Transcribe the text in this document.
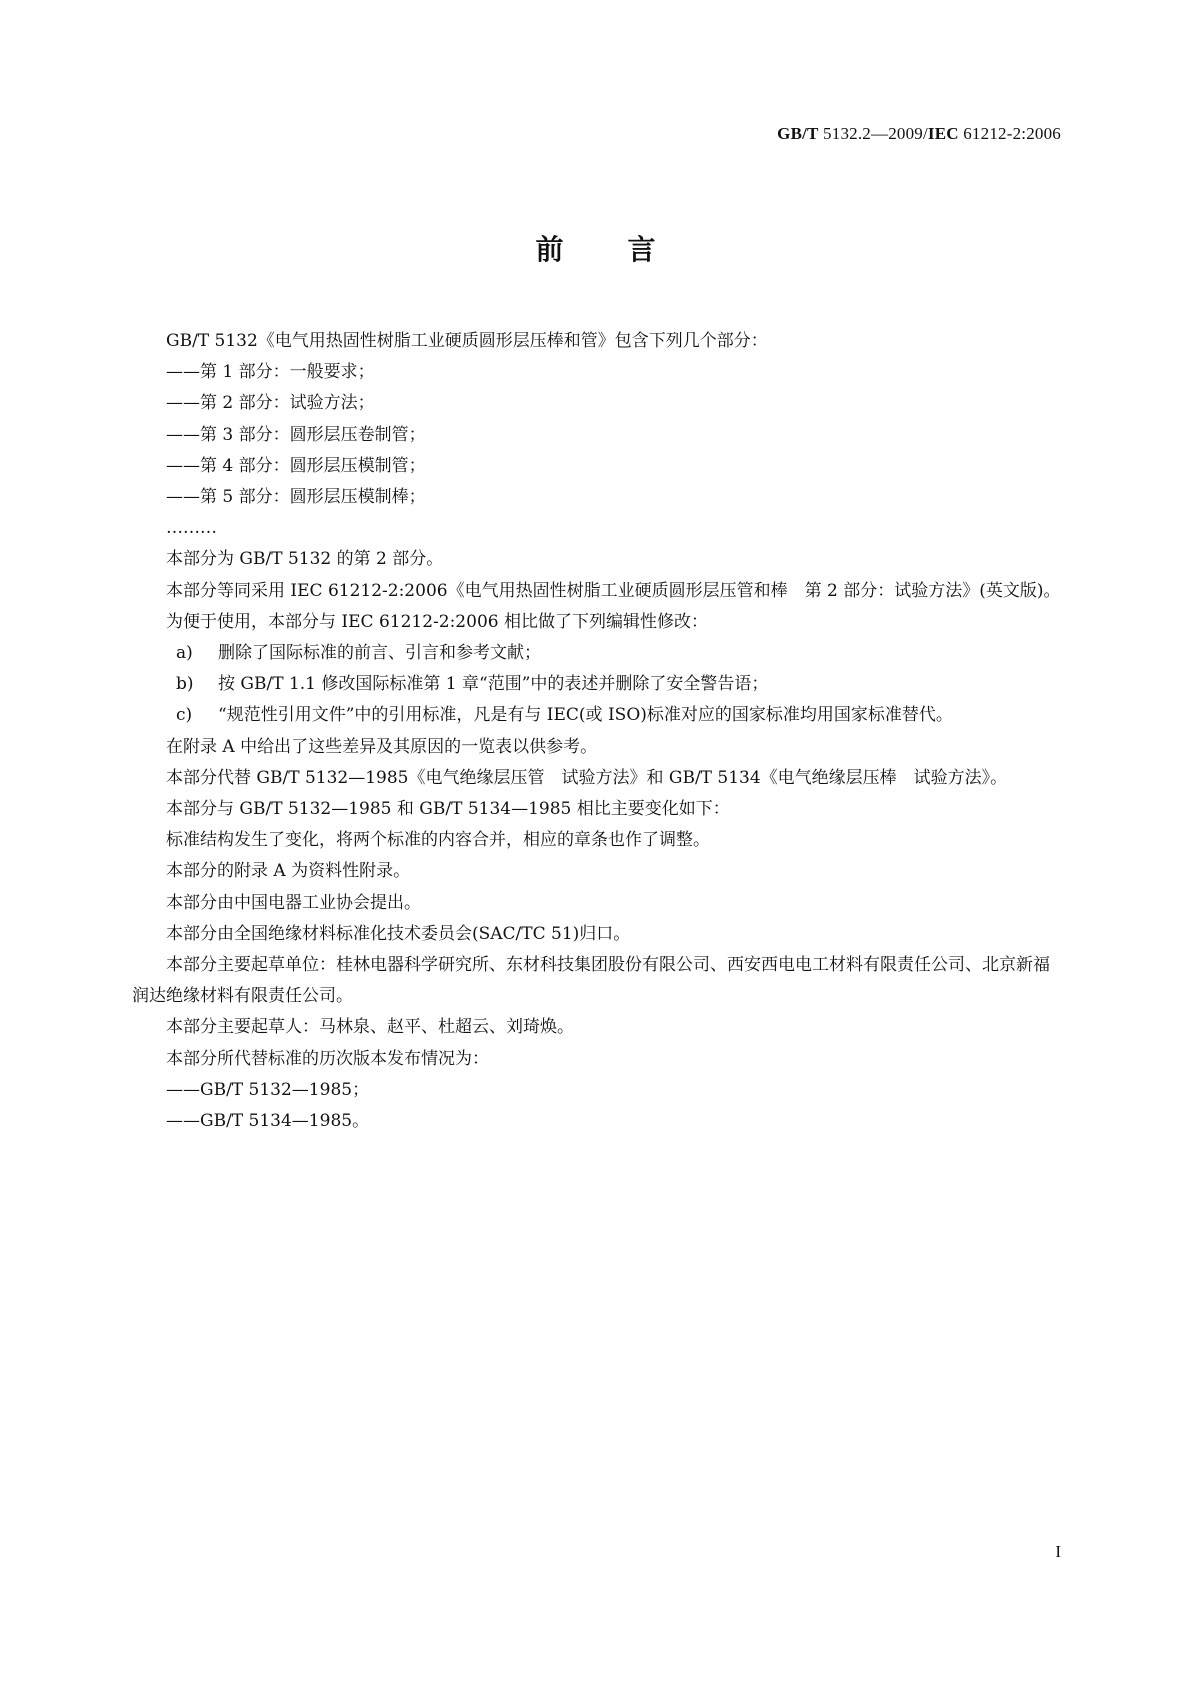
GB/T 5132.2—2009/IEC 61212-2:2006
前言

GB/T 5132《电气用热固性树脂工业硬质圆形层压棒和管》包含下列几个部分：

——第 1 部分：一般要求；

——第 2 部分：试验方法；

——第 3 部分：圆形层压卷制管；

——第 4 部分：圆形层压模制管；

——第 5 部分：圆形层压模制棒；

………

本部分为 GB/T 5132 的第 2 部分。

本部分等同采用 IEC 61212-2:2006《电气用热固性树脂工业硬质圆形层压管和棒　第 2 部分：试验方法》(英文版)。

为便于使用，本部分与 IEC 61212-2:2006 相比做了下列编辑性修改：

a)	删除了国际标准的前言、引言和参考文献；
b)	按 GB/T 1.1 修改国际标准第 1 章“范围”中的表述并删除了安全警告语；
c)	“规范性引用文件”中的引用标准，凡是有与 IEC(或 ISO)标准对应的国家标准均用国家标准替代。

在附录 A 中给出了这些差异及其原因的一览表以供参考。

本部分代替 GB/T 5132—1985《电气绝缘层压管　试验方法》和 GB/T 5134《电气绝缘层压棒　试验方法》。

本部分与 GB/T 5132—1985 和 GB/T 5134—1985 相比主要变化如下：

标准结构发生了变化，将两个标准的内容合并，相应的章条也作了调整。

本部分的附录 A 为资料性附录。

本部分由中国电器工业协会提出。

本部分由全国绝缘材料标准化技术委员会(SAC/TC 51)归口。

本部分主要起草单位：桂林电器科学研究所、东材科技集团股份有限公司、西安西电电工材料有限责任公司、北京新福润达绝缘材料有限责任公司。

本部分主要起草人：马林泉、赵平、杜超云、刘琦焕。

本部分所代替标准的历次版本发布情况为：

——GB/T 5132—1985；

——GB/T 5134—1985。

I
